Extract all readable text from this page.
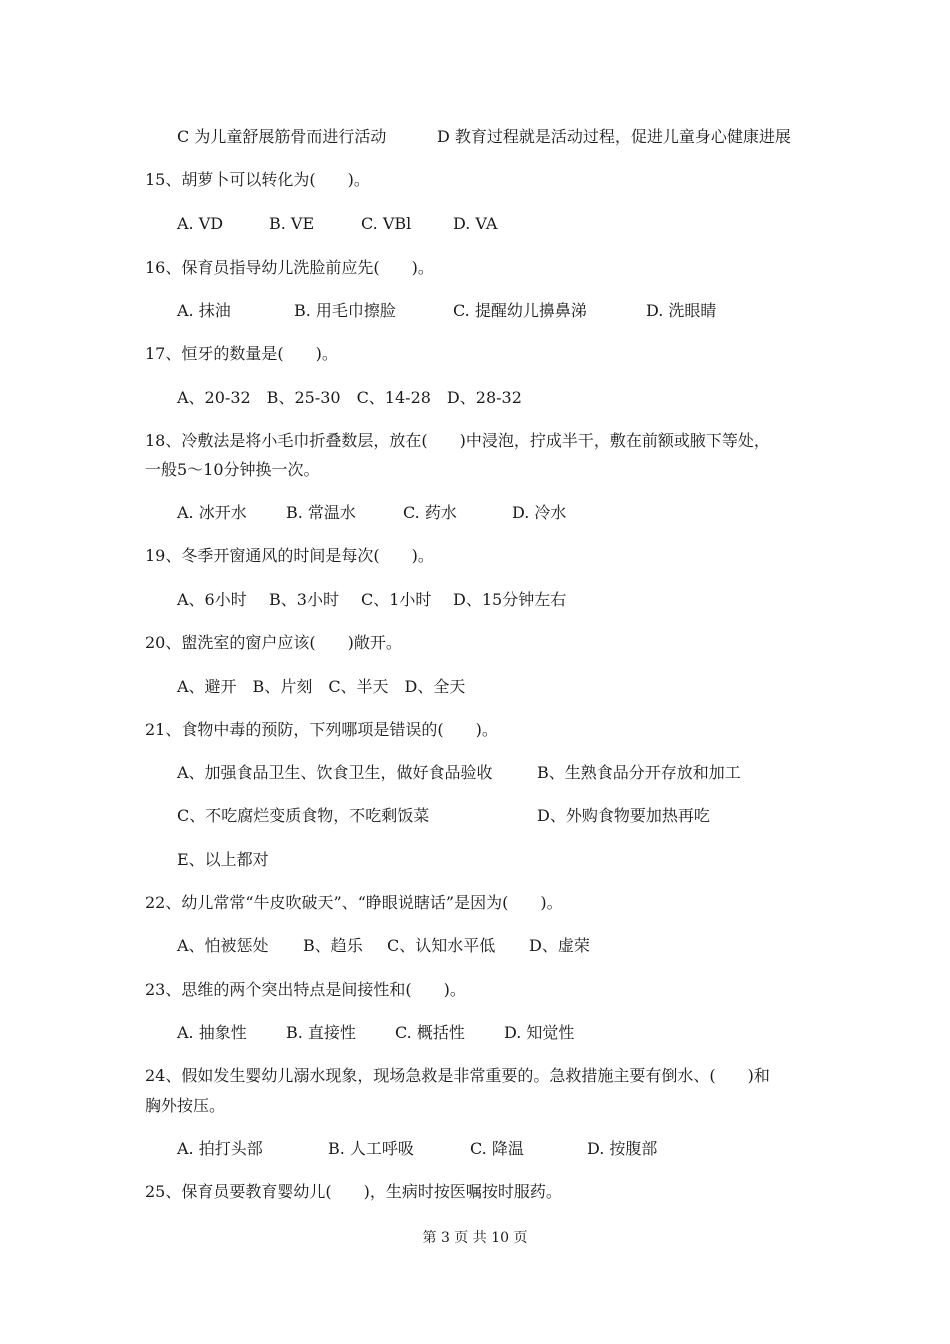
C 为儿童舒展筋骨而进行活动	D 教育过程就是活动过程，促进儿童身心健康进展
15、胡萝卜可以转化为(　　)。
A. VD	B. VE	C. VBl	D. VA
16、保育员指导幼儿洗脸前应先(　　)。
A. 抹油	B. 用毛巾擦脸	C. 提醒幼儿擤鼻涕	D. 洗眼睛
17、恒牙的数量是(　　)。
A、20-32　B、25-30　C、14-28　D、28-32
18、冷敷法是将小毛巾折叠数层，放在(　　)中浸泡，拧成半干，敷在前额或腋下等处，
一般5～10分钟换一次。
A. 冰开水 B. 常温水	C. 药水	D. 冷水
19、冬季开窗通风的时间是每次(　　)。
A、6小时 B、3小时 C、1小时 D、15分钟左右
20、盥洗室的窗户应该(　　)敞开。
A、避开　B、片刻　C、半天　D、全天
21、食物中毒的预防，下列哪项是错误的(　　)。
A、加强食品卫生、饮食卫生，做好食品验收	B、生熟食品分开存放和加工
C、不吃腐烂变质食物，不吃剩饭菜	D、外购食物要加热再吃
E、以上都对
22、幼儿常常“牛皮吹破天”、“睁眼说瞎话”是因为(　　)。
A、怕被惩处 B、趋乐 C、认知水平低 D、虚荣
23、思维的两个突出特点是间接性和(　　)。
A. 抽象性 B. 直接性 C. 概括性 D. 知觉性
24、假如发生婴幼儿溺水现象，现场急救是非常重要的。急救措施主要有倒水、(　　)和
胸外按压。
A. 拍打头部	B. 人工呼吸	C. 降温	D. 按腹部
25、保育员要教育婴幼儿(　　)，生病时按医嘱按时服药。
第 3 页 共 10 页
